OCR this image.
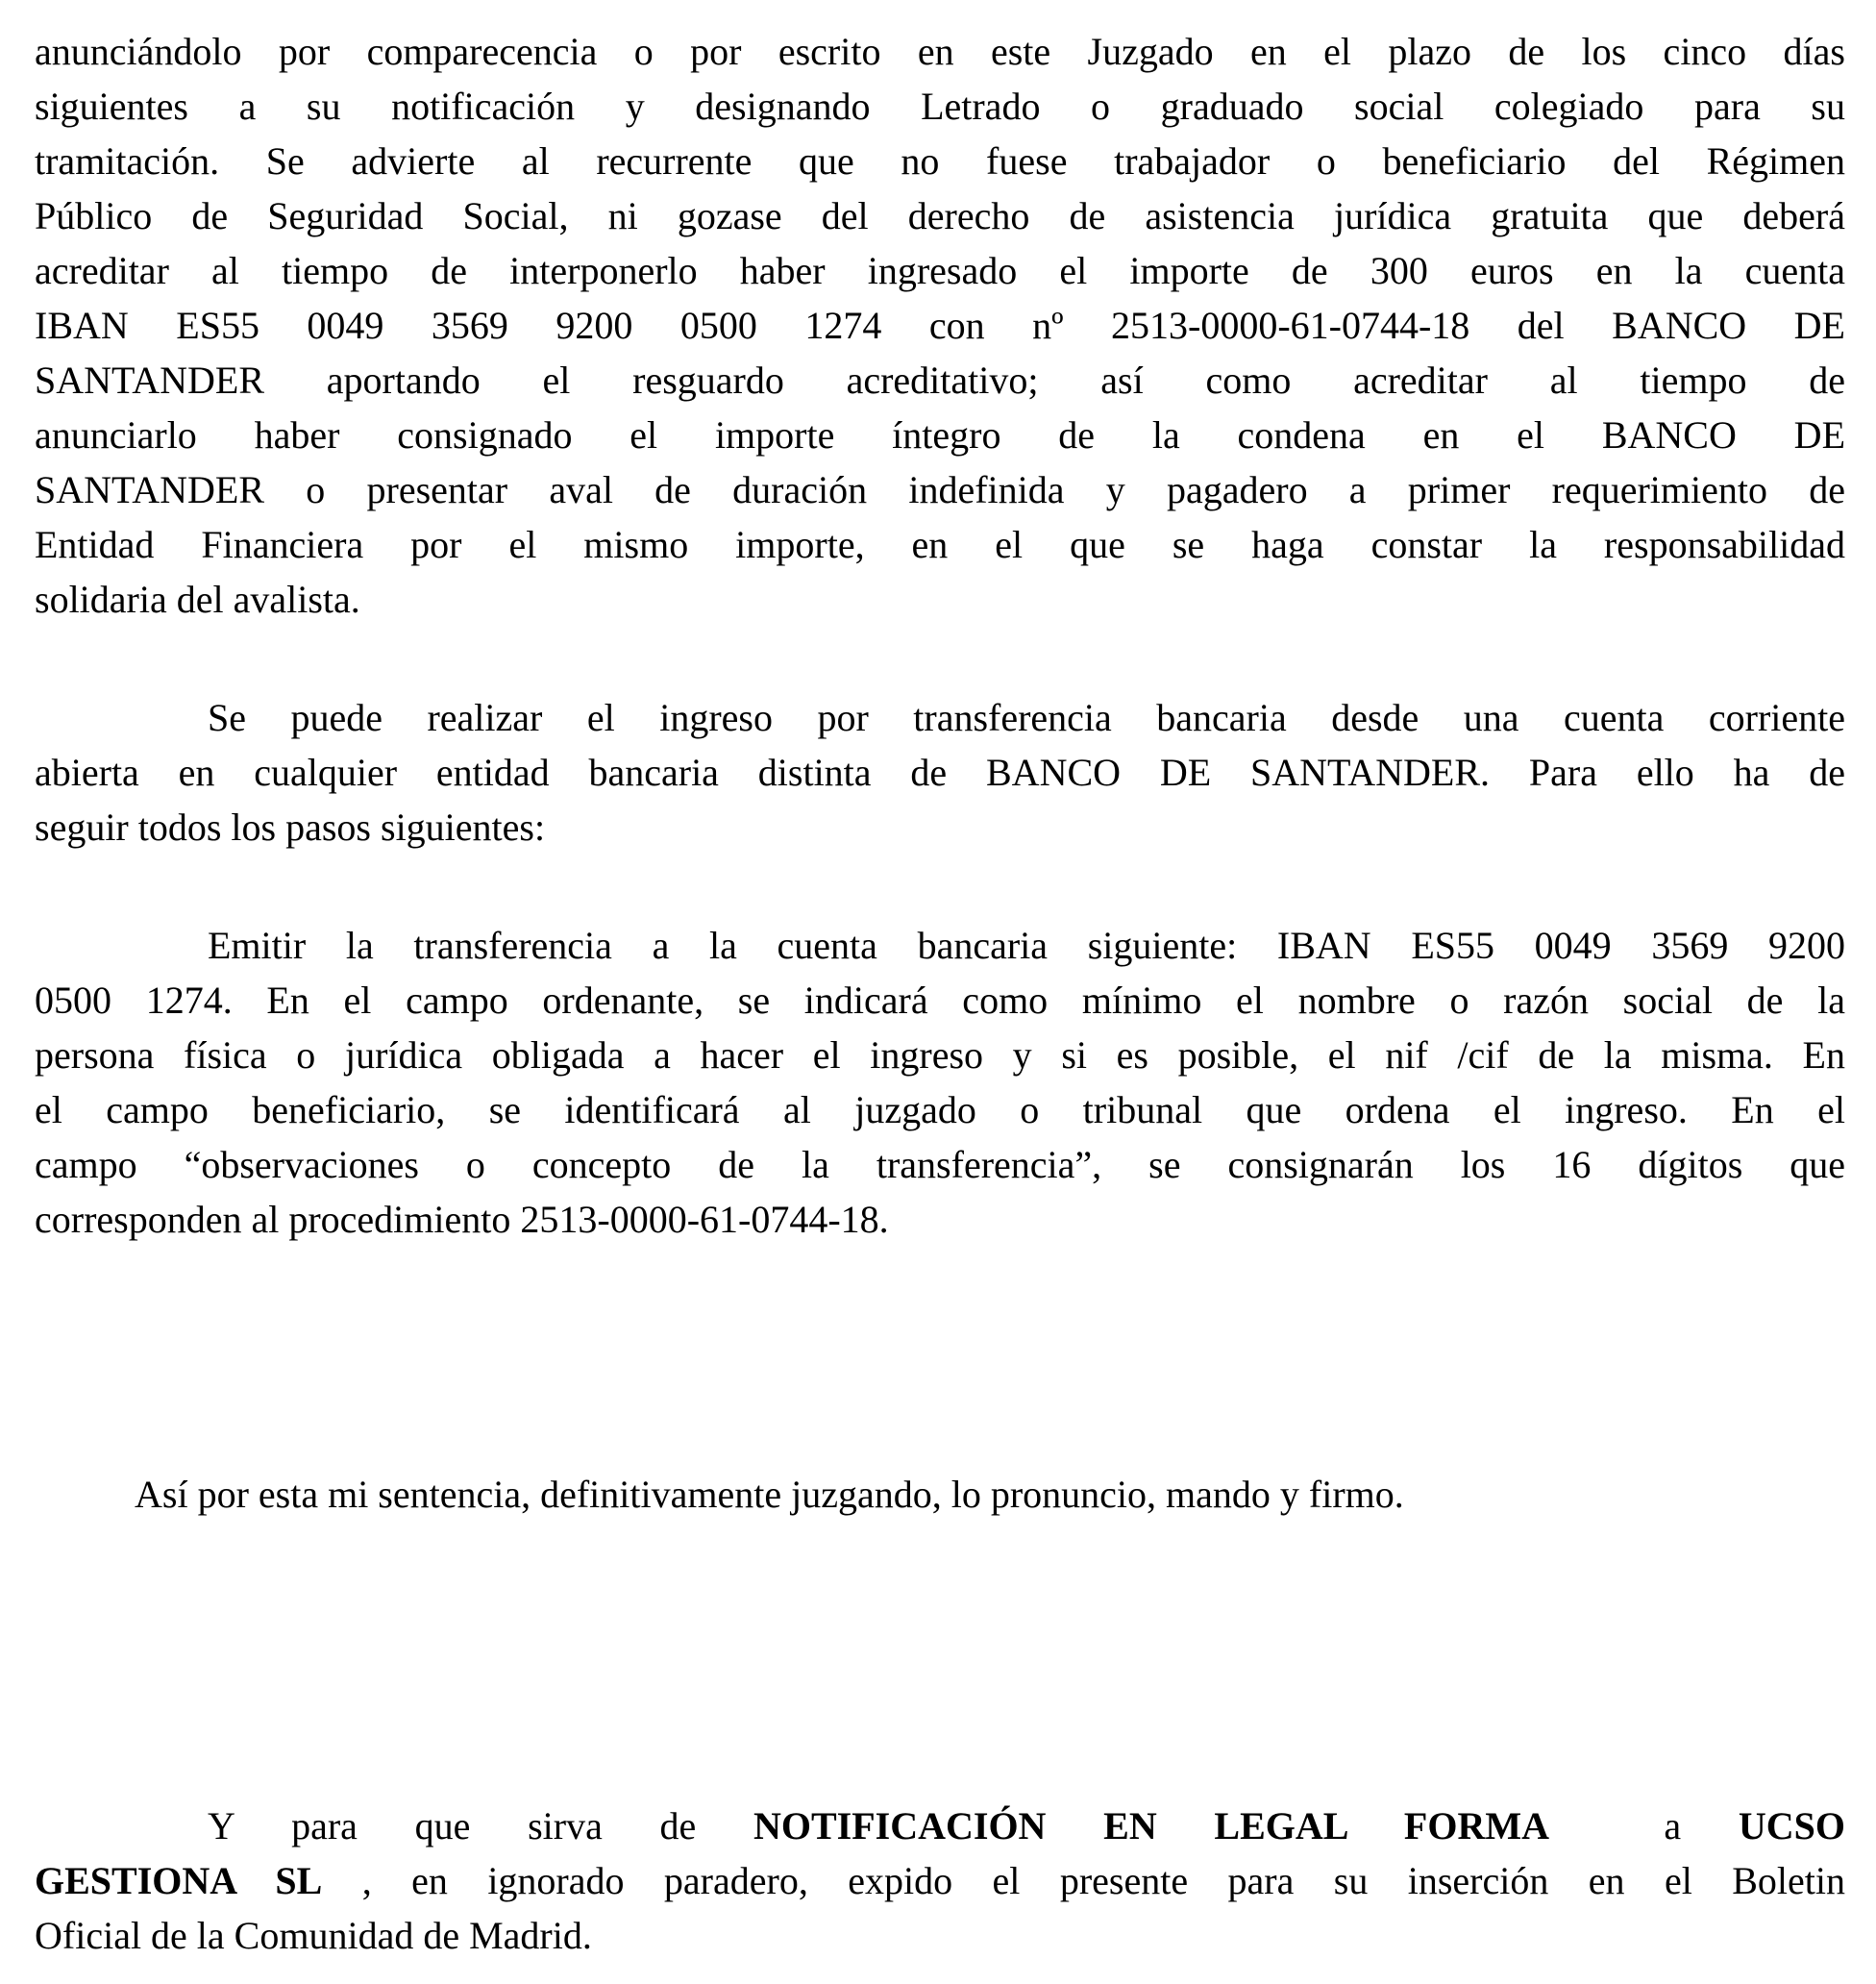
anunciándolo por comparecencia o por escrito en este Juzgado en el plazo de los cinco días
siguientes a su notificación y designando Letrado o graduado social colegiado para su
tramitación. Se advierte al recurrente que no fuese trabajador o beneficiario del Régimen
Público de Seguridad Social, ni gozase del derecho de asistencia jurídica gratuita que deberá
acreditar al tiempo de interponerlo haber ingresado el importe de 300 euros en la cuenta
IBAN ES55 0049 3569 9200 0500 1274 con nº 2513-0000-61-0744-18 del BANCO DE
SANTANDER aportando el resguardo acreditativo; así como acreditar al tiempo de
anunciarlo haber consignado el importe íntegro de la condena en el BANCO DE
SANTANDER o presentar aval de duración indefinida y pagadero a primer requerimiento de
Entidad Financiera por el mismo importe, en el que se haga constar la responsabilidad
solidaria del avalista.
Se puede realizar el ingreso por transferencia bancaria desde una cuenta corriente
abierta en cualquier entidad bancaria distinta de BANCO DE SANTANDER. Para ello ha de
seguir todos los pasos siguientes:
Emitir la transferencia a la cuenta bancaria siguiente: IBAN ES55 0049 3569 9200
0500 1274. En el campo ordenante, se indicará como mínimo el nombre o razón social de la
persona física o jurídica obligada a hacer el ingreso y si es posible, el nif /cif de la misma. En
el campo beneficiario, se identificará al juzgado o tribunal que ordena el ingreso. En el
campo “observaciones o concepto de la transferencia”, se consignarán los 16 dígitos que
corresponden al procedimiento 2513-0000-61-0744-18.
Así por esta mi sentencia, definitivamente juzgando, lo pronuncio, mando y firmo.
Y para que sirva de NOTIFICACIÓN EN LEGAL FORMA  a UCSO
GESTIONA SL , en ignorado paradero, expido el presente para su inserción en el Boletin
Oficial de la Comunidad de Madrid.
